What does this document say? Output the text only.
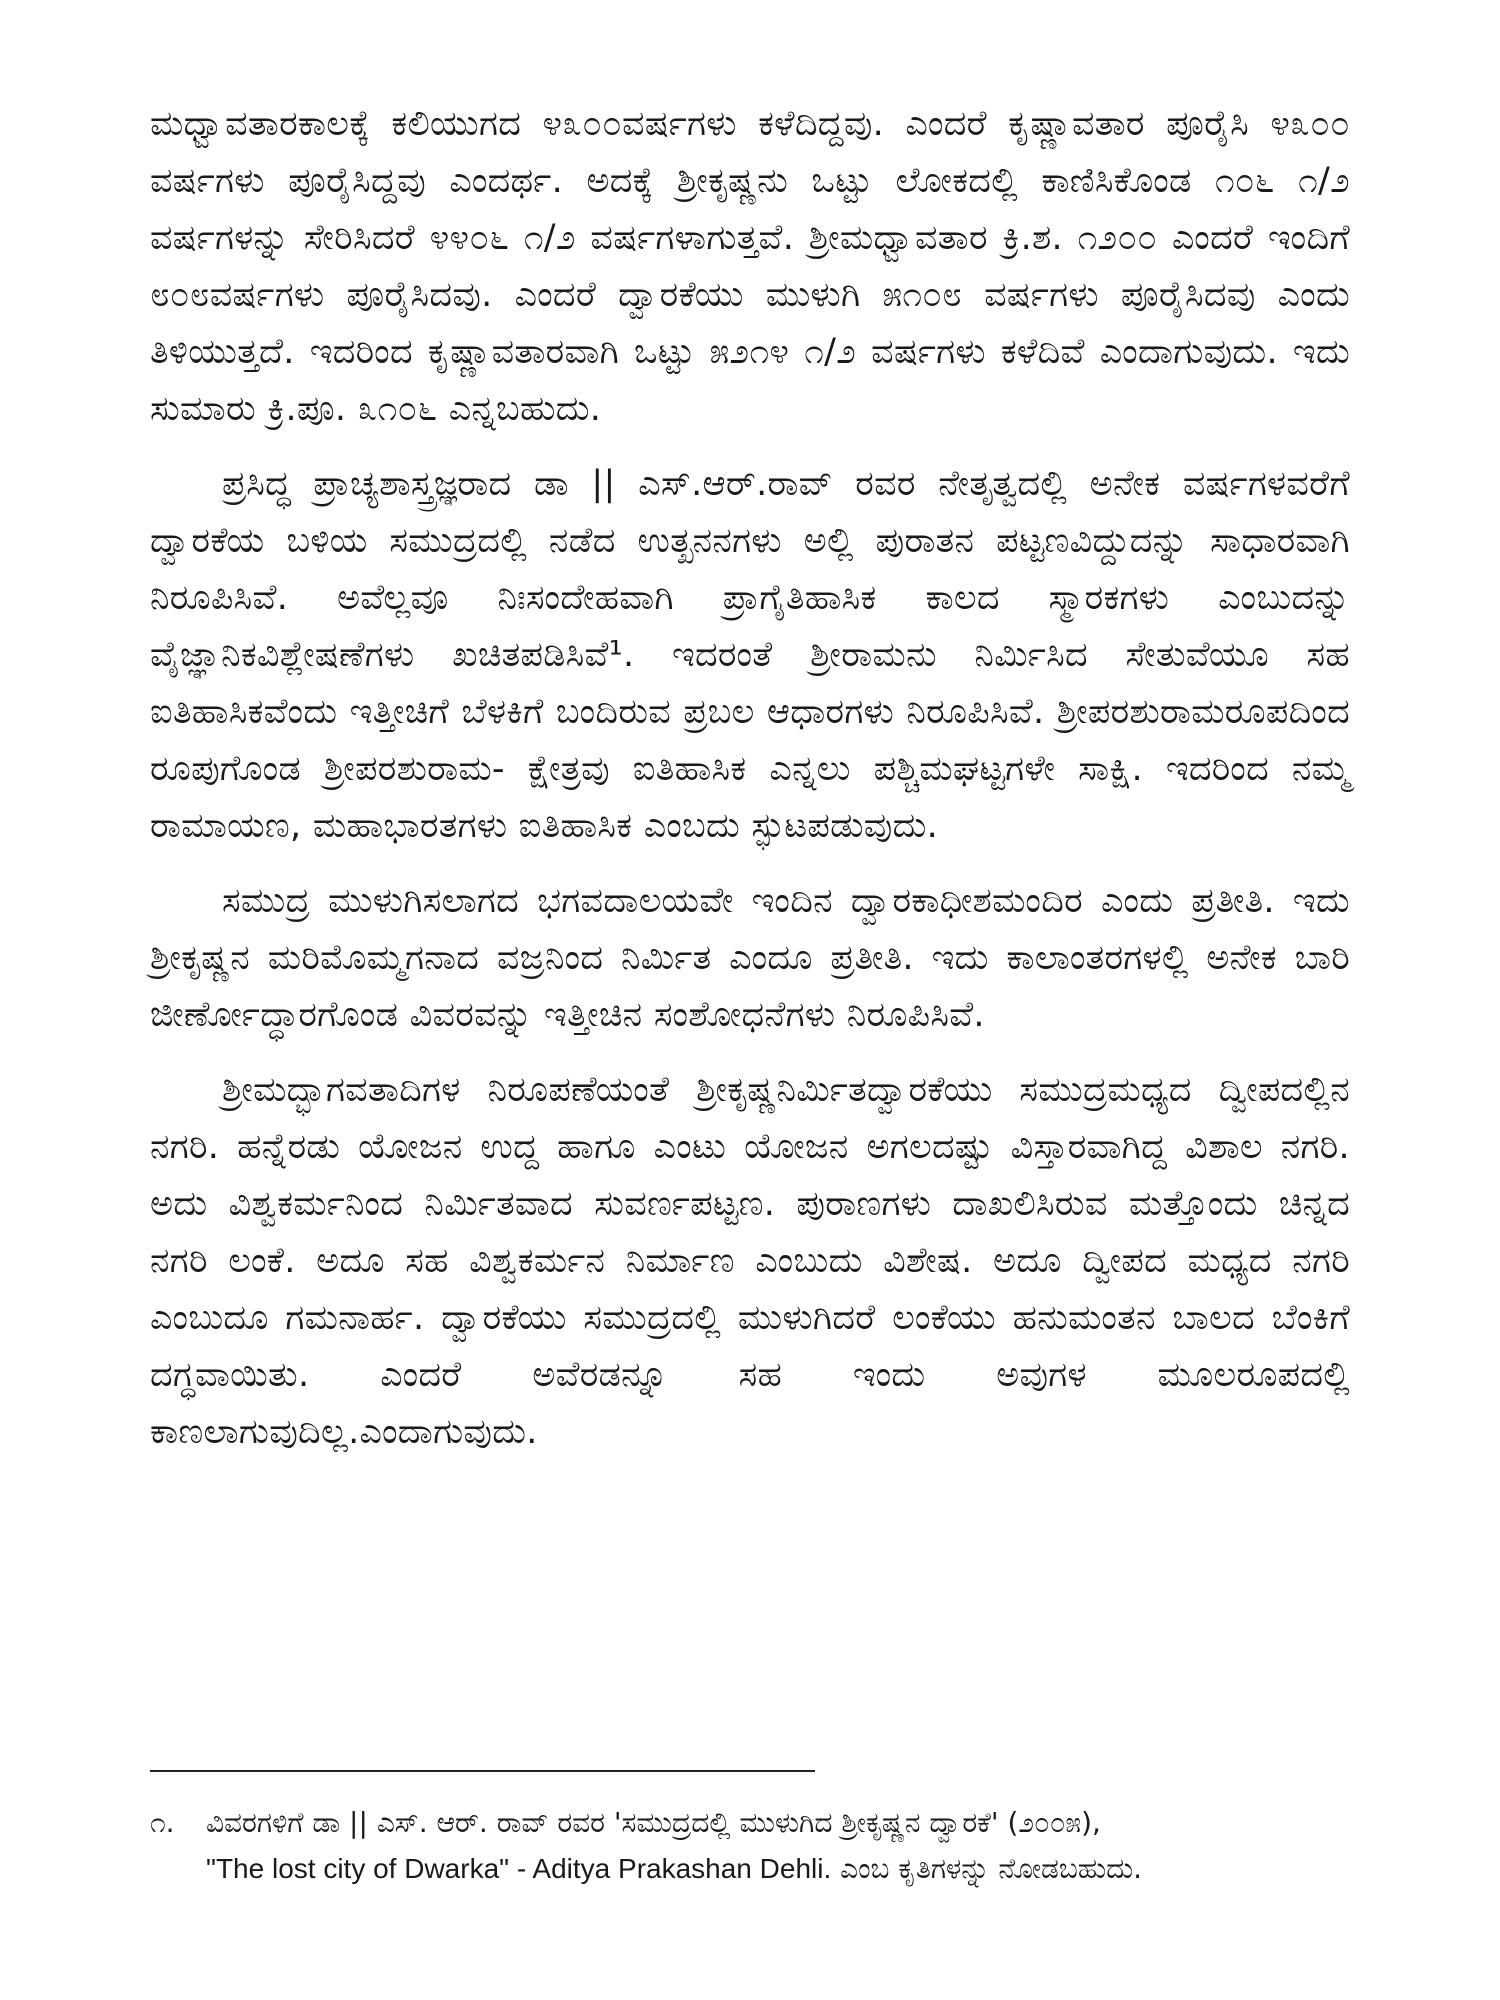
ಮಧ್ವಾವತಾರಕಾಲಕ್ಕೆ ಕಲಿಯುಗದ ೪೩೦೦ವರ್ಷಗಳು ಕಳೆದಿದ್ದವು. ಎಂದರೆ ಕೃಷ್ಣಾವತಾರ ಪೂರೈಸಿ ೪೩೦೦ ವರ್ಷಗಳು ಪೂರೈಸಿದ್ದವು ಎಂದರ್ಥ. ಅದಕ್ಕೆ ಶ್ರೀಕೃಷ್ಣನು ಒಟ್ಟು ಲೋಕದಲ್ಲಿ ಕಾಣಿಸಿಕೊಂಡ ೧೦೬ ೧/೨ ವರ್ಷಗಳನ್ನು ಸೇರಿಸಿದರೆ ೪೪೦೬ ೧/೨ ವರ್ಷಗಳಾಗುತ್ತವೆ. ಶ್ರೀಮಧ್ವಾವತಾರ ಕ್ರಿ.ಶ. ೧೨೦೦ ಎಂದರೆ ಇಂದಿಗೆ ೮೦೮ವರ್ಷಗಳು ಪೂರೈಸಿದವು. ಎಂದರೆ ದ್ವಾರಕೆಯು ಮುಳುಗಿ ೫೧೦೮ ವರ್ಷಗಳು ಪೂರೈಸಿದವು ಎಂದು ತಿಳಿಯುತ್ತದೆ. ಇದರಿಂದ ಕೃಷ್ಣಾವತಾರವಾಗಿ ಒಟ್ಟು ೫೨೧೪ ೧/೨ ವರ್ಷಗಳು ಕಳೆದಿವೆ ಎಂದಾಗುವುದು. ಇದು ಸುಮಾರು ಕ್ರಿ.ಪೂ. ೩೧೦೬ ಎನ್ನಬಹುದು.

ಪ್ರಸಿದ್ಧ ಪ್ರಾಚ್ಯಶಾಸ್ತ್ರಜ್ಞರಾದ ಡಾ || ಎಸ್.ಆರ್.ರಾವ್ ರವರ ನೇತೃತ್ವದಲ್ಲಿ ಅನೇಕ ವರ್ಷಗಳವರೆಗೆ ದ್ವಾರಕೆಯ ಬಳಿಯ ಸಮುದ್ರದಲ್ಲಿ ನಡೆದ ಉತ್ಖನನಗಳು ಅಲ್ಲಿ ಪುರಾತನ ಪಟ್ಟಣವಿದ್ದುದನ್ನು ಸಾಧಾರವಾಗಿ ನಿರೂಪಿಸಿವೆ. ಅವೆಲ್ಲವೂ ನಿಃಸಂದೇಹವಾಗಿ ಪ್ರಾಗೈತಿಹಾಸಿಕ ಕಾಲದ ಸ್ಮಾರಕಗಳು ಎಂಬುದನ್ನು ವೈಜ್ಞಾನಿಕವಿಶ್ಲೇಷಣೆಗಳು ಖಚಿತಪಡಿಸಿವೆ¹. ಇದರಂತೆ ಶ್ರೀರಾಮನು ನಿರ್ಮಿಸಿದ ಸೇತುವೆಯೂ ಸಹ ಐತಿಹಾಸಿಕವೆಂದು ಇತ್ತೀಚಿಗೆ ಬೆಳಕಿಗೆ ಬಂದಿರುವ ಪ್ರಬಲ ಆಧಾರಗಳು ನಿರೂಪಿಸಿವೆ. ಶ್ರೀಪರಶುರಾಮರೂಪದಿಂದ ರೂಪುಗೊಂಡ ಶ್ರೀಪರಶುರಾಮ- ಕ್ಷೇತ್ರವು ಐತಿಹಾಸಿಕ ಎನ್ನಲು ಪಶ್ಚಿಮಘಟ್ಟಗಳೇ ಸಾಕ್ಷಿ. ಇದರಿಂದ ನಮ್ಮ ರಾಮಾಯಣ, ಮಹಾಭಾರತಗಳು ಐತಿಹಾಸಿಕ ಎಂಬದು ಸ್ಫುಟಪಡುವುದು.

ಸಮುದ್ರ ಮುಳುಗಿಸಲಾಗದ ಭಗವದಾಲಯವೇ ಇಂದಿನ ದ್ವಾರಕಾಧೀಶಮಂದಿರ ಎಂದು ಪ್ರತೀತಿ. ಇದು ಶ್ರೀಕೃಷ್ಣನ ಮರಿಮೊಮ್ಮಗನಾದ ವಜ್ರನಿಂದ ನಿರ್ಮಿತ ಎಂದೂ ಪ್ರತೀತಿ. ಇದು ಕಾಲಾಂತರಗಳಲ್ಲಿ ಅನೇಕ ಬಾರಿ ಜೀರ್ಣೋದ್ಧಾರಗೊಂಡ ವಿವರವನ್ನು ಇತ್ತೀಚಿನ ಸಂಶೋಧನೆಗಳು ನಿರೂಪಿಸಿವೆ.

ಶ್ರೀಮದ್ಭಾಗವತಾದಿಗಳ ನಿರೂಪಣೆಯಂತೆ ಶ್ರೀಕೃಷ್ಣನಿರ್ಮಿತದ್ವಾರಕೆಯು ಸಮುದ್ರಮಧ್ಯದ ದ್ವೀಪದಲ್ಲಿನ ನಗರಿ. ಹನ್ನೆರಡು ಯೋಜನ ಉದ್ದ ಹಾಗೂ ಎಂಟು ಯೋಜನ ಅಗಲದಷ್ಟು ವಿಸ್ತಾರವಾಗಿದ್ದ ವಿಶಾಲ ನಗರಿ. ಅದು ವಿಶ್ವಕರ್ಮನಿಂದ ನಿರ್ಮಿತವಾದ ಸುವರ್ಣಪಟ್ಟಣ. ಪುರಾಣಗಳು ದಾಖಲಿಸಿರುವ ಮತ್ತೊಂದು ಚಿನ್ನದ ನಗರಿ ಲಂಕೆ. ಅದೂ ಸಹ ವಿಶ್ವಕರ್ಮನ ನಿರ್ಮಾಣ ಎಂಬುದು ವಿಶೇಷ. ಅದೂ ದ್ವೀಪದ ಮಧ್ಯದ ನಗರಿ ಎಂಬುದೂ ಗಮನಾರ್ಹ. ದ್ವಾರಕೆಯು ಸಮುದ್ರದಲ್ಲಿ ಮುಳುಗಿದರೆ ಲಂಕೆಯು ಹನುಮಂತನ ಬಾಲದ ಬೆಂಕಿಗೆ ದಗ್ಧವಾಯಿತು. ಎಂದರೆ ಅವೆರಡನ್ನೂ ಸಹ ಇಂದು ಅವುಗಳ ಮೂಲರೂಪದಲ್ಲಿ ಕಾಣಲಾಗುವುದಿಲ್ಲ.ಎಂದಾಗುವುದು.

೧. ವಿವರಗಳಿಗೆ ಡಾ || ಎಸ್. ಆರ್. ರಾವ್ ರವರ 'ಸಮುದ್ರದಲ್ಲಿ ಮುಳುಗಿದ ಶ್ರೀಕೃಷ್ಣನ ದ್ವಾರಕೆ' (೨೦೦೫),
"The lost city of Dwarka" - Aditya Prakashan Dehli. ಎಂಬ ಕೃತಿಗಳನ್ನು ನೋಡಬಹುದು.
